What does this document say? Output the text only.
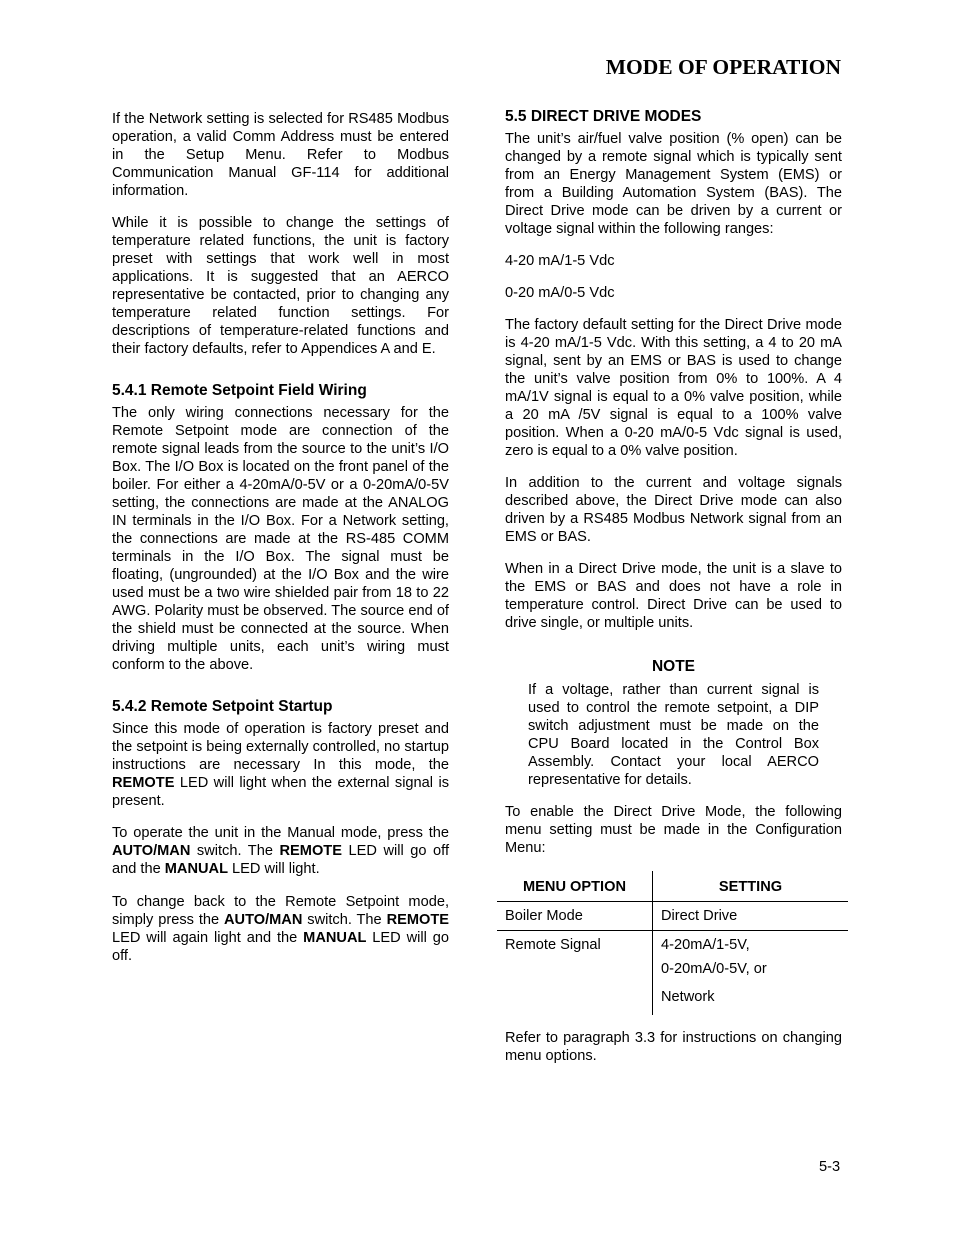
MODE OF OPERATION

If the Network setting is selected for RS485 Modbus operation, a valid Comm Address must be entered in the Setup Menu. Refer to Modbus Communication Manual GF-114 for additional information.

While it is possible to change the settings of temperature related functions, the unit is factory preset with settings that work well in most applications. It is suggested that an AERCO representative be contacted, prior to changing any temperature related function settings. For descriptions of temperature-related functions and their factory defaults, refer to Appendices A and E.

5.4.1 Remote Setpoint Field Wiring

The only wiring connections necessary for the Remote Setpoint mode are connection of the remote signal leads from the source to the unit’s I/O Box. The I/O Box is located on the front panel of the boiler. For either a 4-20mA/0-5V or a 0-20mA/0-5V setting, the connections are made at the ANALOG IN terminals in the I/O Box. For a Network setting, the connections are made at the RS-485 COMM terminals in the I/O Box. The signal must be floating, (ungrounded) at the I/O Box and the wire used must be a two wire shielded pair from 18 to 22 AWG. Polarity must be observed. The source end of the shield must be connected at the source. When driving multiple units, each unit’s wiring must conform to the above.

5.4.2 Remote Setpoint Startup

Since this mode of operation is factory preset and the setpoint is being externally controlled, no startup instructions are necessary In this mode, the REMOTE LED will light when the external signal is present.

To operate the unit in the Manual mode, press the AUTO/MAN switch. The REMOTE LED will go off and the MANUAL LED will light.

To change back to the Remote Setpoint mode, simply press the AUTO/MAN switch. The REMOTE LED will again light and the MANUAL LED will go off.

5.5 DIRECT DRIVE MODES

The unit’s air/fuel valve position (% open) can be changed by a remote signal which is typically sent from an Energy Management System (EMS) or from a Building Automation System (BAS). The Direct Drive mode can be driven by a current or voltage signal within the following ranges:

4-20 mA/1-5 Vdc

0-20 mA/0-5 Vdc

The factory default setting for the Direct Drive mode is 4-20 mA/1-5 Vdc. With this setting, a 4 to 20 mA signal, sent by an EMS or BAS is used to change the unit’s valve position from 0% to 100%. A 4 mA/1V signal is equal to a 0% valve position, while a 20 mA /5V signal is equal to a 100% valve position. When a 0-20 mA/0-5 Vdc signal is used, zero is equal to a 0% valve position.

In addition to the current and voltage signals described above, the Direct Drive mode can also driven by a RS485 Modbus Network signal from an EMS or BAS.

When in a Direct Drive mode, the unit is a slave to the EMS or BAS and does not have a role in temperature control. Direct Drive can be used to drive single, or multiple units.

NOTE

If a voltage, rather than current signal is used to control the remote setpoint, a DIP switch adjustment must be made on the CPU Board located in the Control Box Assembly. Contact your local AERCO representative for details.

To enable the Direct Drive Mode, the following menu setting must be made in the Configuration Menu:

MENU OPTION	SETTING
Boiler Mode	Direct Drive
Remote Signal	4-20mA/1-5V,
0-20mA/0-5V, or
Network

Refer to paragraph 3.3 for instructions on changing menu options.

5-3
